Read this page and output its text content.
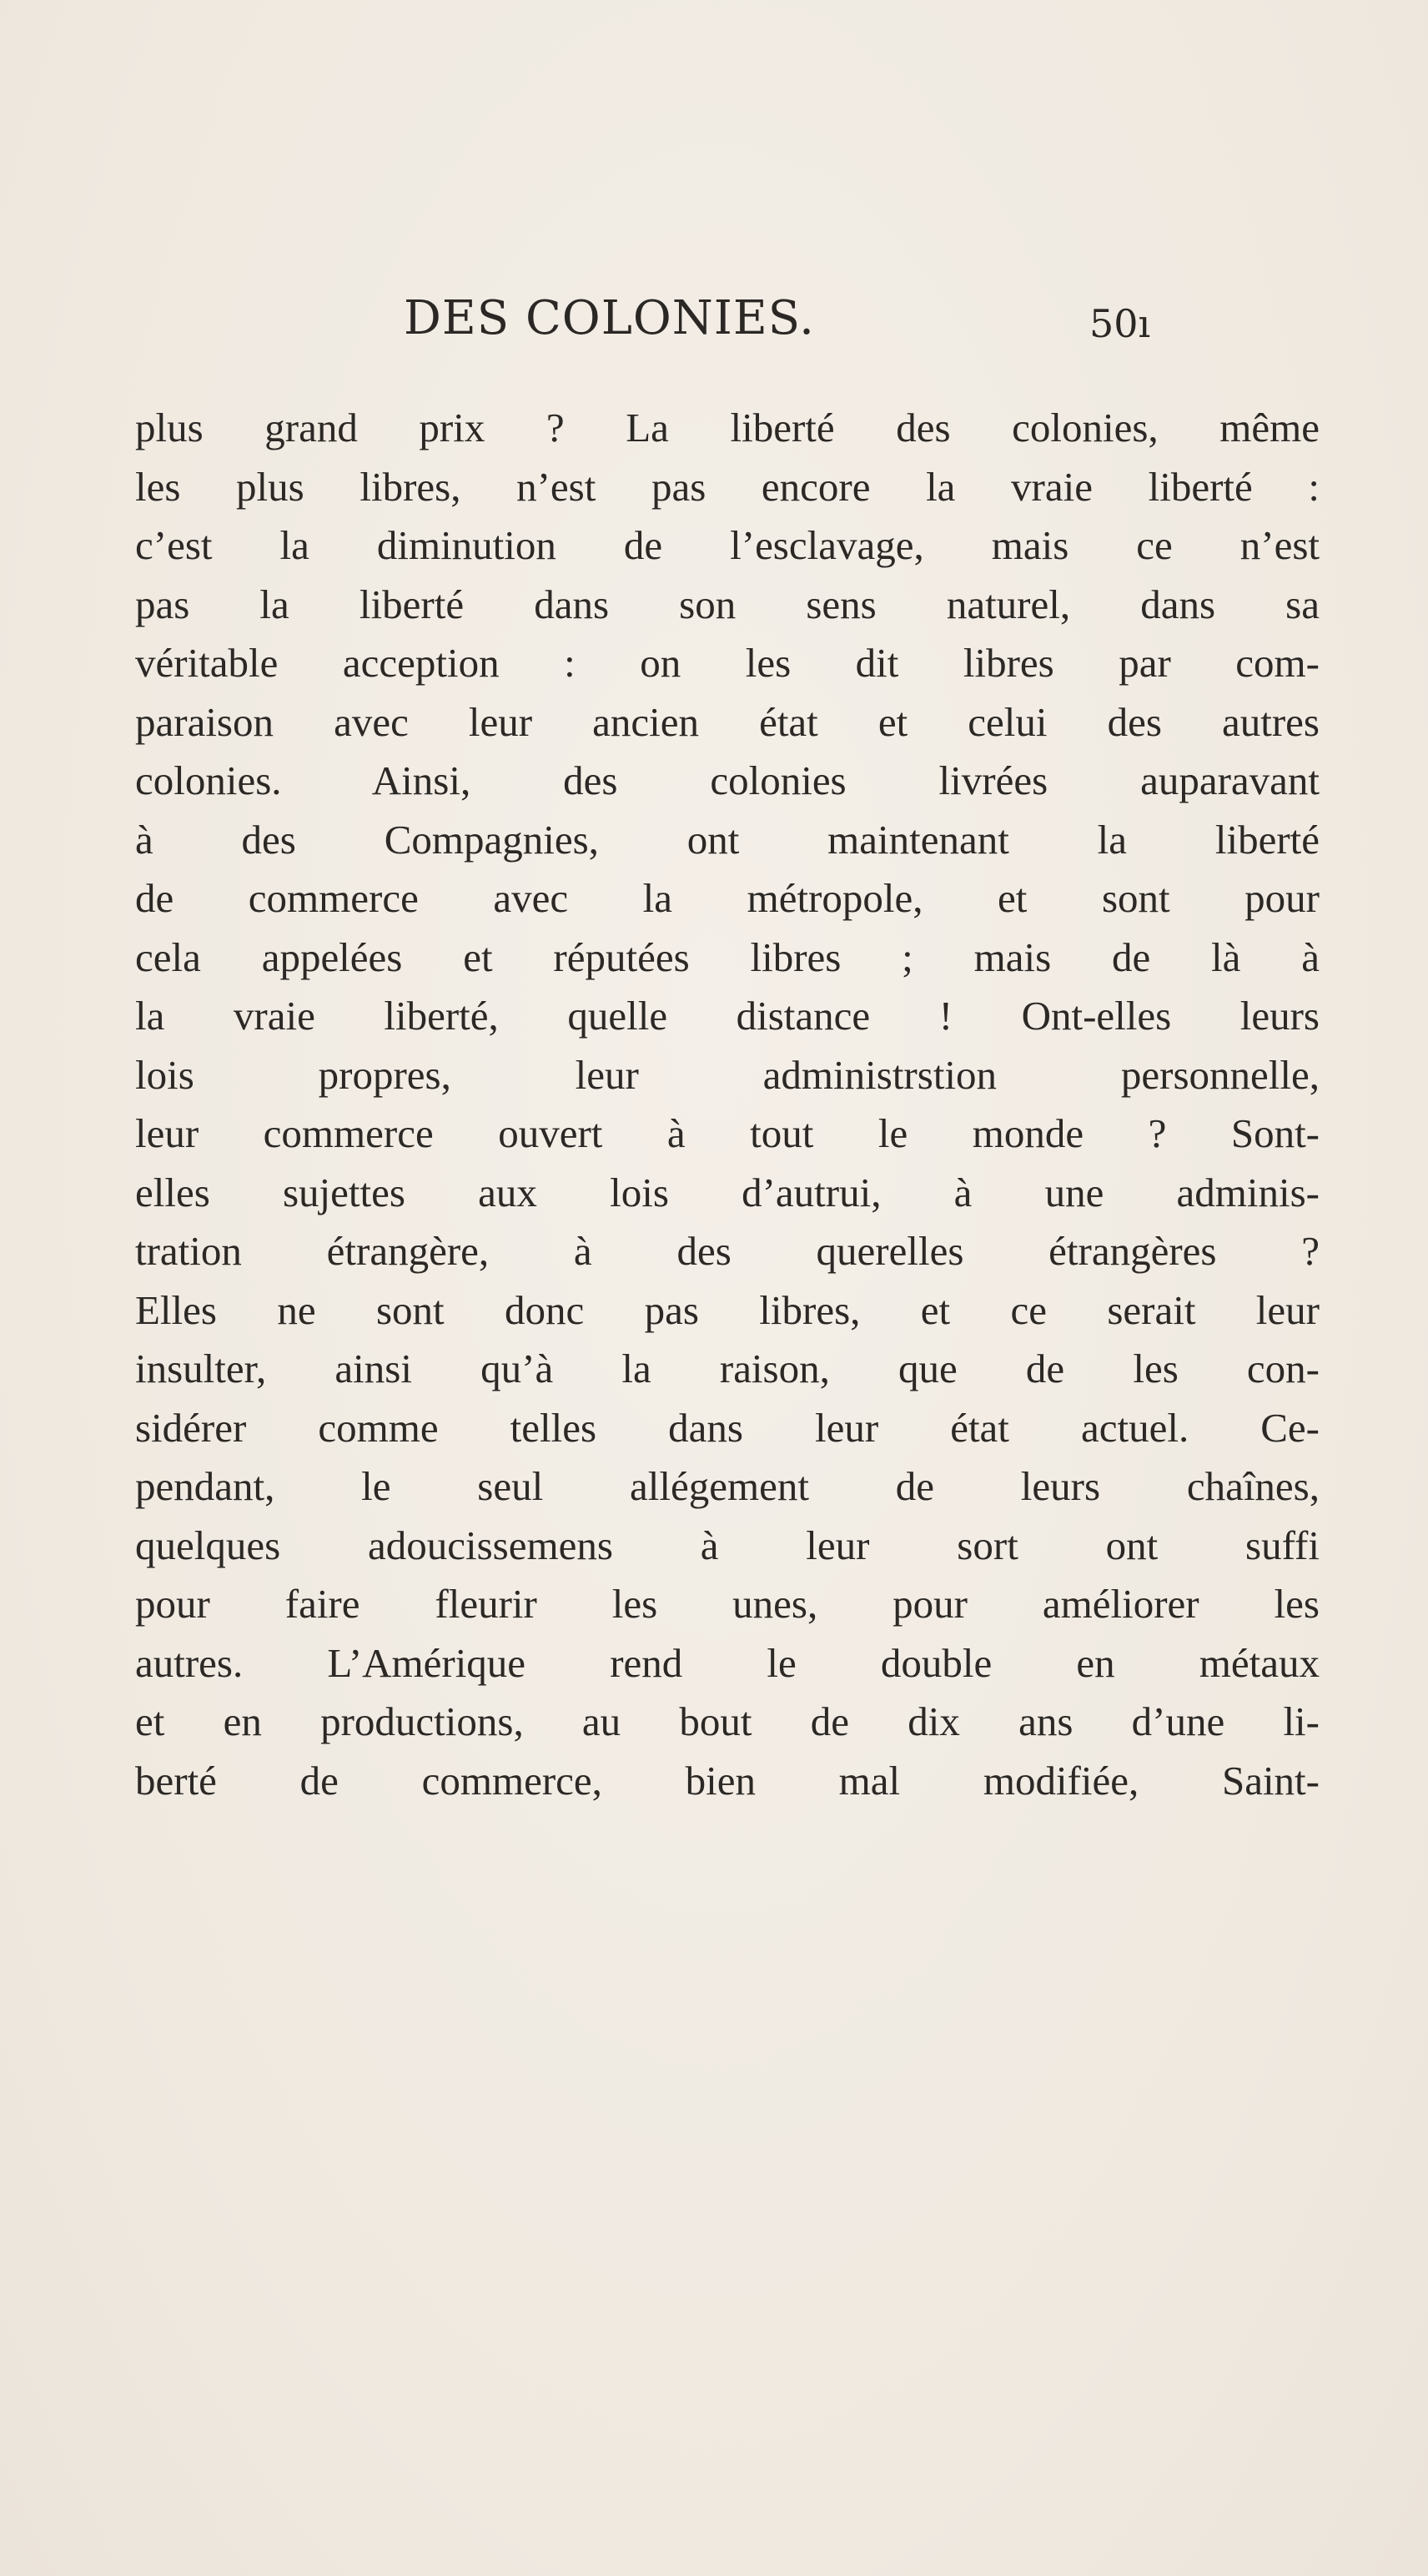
DES COLONIES.	50ı
plus grand prix ? La liberté des colonies, même
les plus libres, n’est pas encore la vraie liberté :
c’est la diminution de l’esclavage, mais ce n’est
pas la liberté dans son sens naturel, dans sa
véritable acception : on les dit libres par com-
paraison avec leur ancien état et celui des autres
colonies. Ainsi, des colonies livrées auparavant
à des Compagnies, ont maintenant la liberté
de commerce avec la métropole, et sont pour
cela appelées et réputées libres ; mais de là à
la vraie liberté, quelle distance ! Ont-elles leurs
lois propres, leur administrstion personnelle,
leur commerce ouvert à tout le monde ? Sont-
elles sujettes aux lois d’autrui, à une adminis-
tration étrangère, à des querelles étrangères ?
Elles ne sont donc pas libres, et ce serait leur
insulter, ainsi qu’à la raison, que de les con-
sidérer comme telles dans leur état actuel. Ce-
pendant, le seul allégement de leurs chaînes,
quelques adoucissemens à leur sort ont suffi
pour faire fleurir les unes, pour améliorer les
autres. L’Amérique rend le double en métaux
et en productions, au bout de dix ans d’une li-
berté de commerce, bien mal modifiée, Saint-
